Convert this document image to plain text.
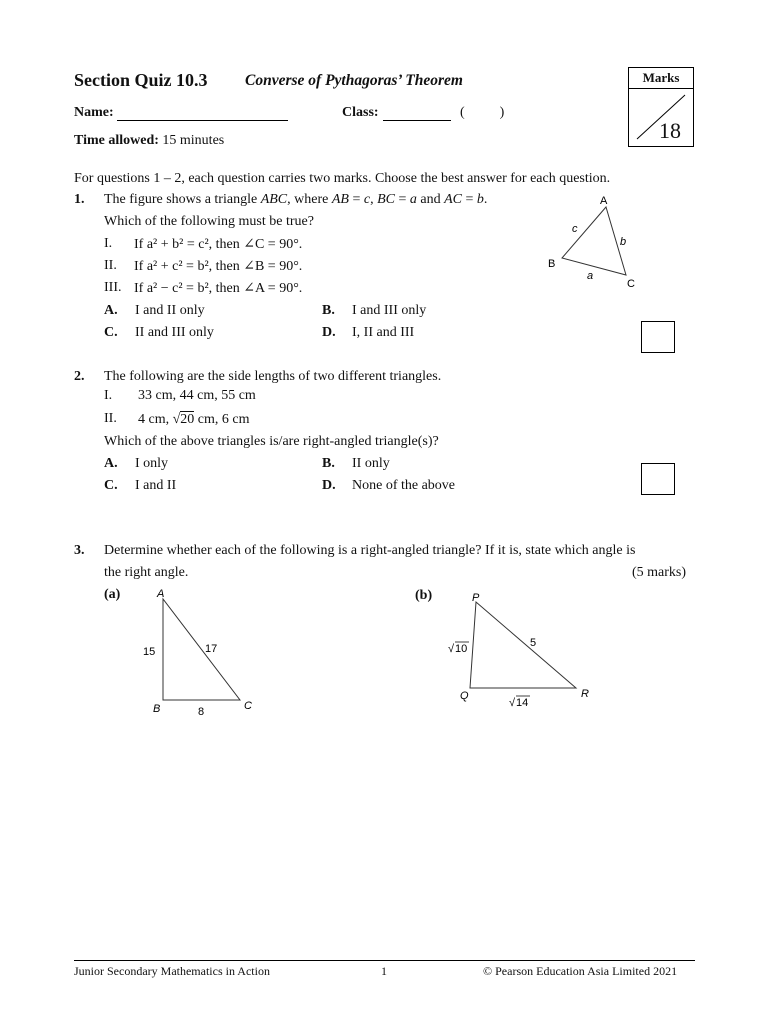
Section Quiz 10.3 Converse of Pythagoras’ Theorem
Name:	Class:	(          )
Time allowed: 15 minutes
Marks
18
For questions 1 – 2, each question carries two marks. Choose the best answer for each question.
1. The figure shows a triangle ABC, where AB = c, BC = a and AC = b.
Which of the following must be true?
I. If a² + b² = c², then ∠C = 90°.
II. If a² + c² = b², then ∠B = 90°.
III. If a² − c² = b², then ∠A = 90°.
A. I and II only	B. I and III only
C. II and III only	D. I, II and III
A
B
C
c
b
a
2. The following are the side lengths of two different triangles.
I. 33 cm, 44 cm, 55 cm
II. 4 cm, √20 cm, 6 cm
Which of the above triangles is/are right-angled triangle(s)?
A. I only	B. II only
C. I and II	D. None of the above
3. Determine whether each of the following is a right-angled triangle? If it is, state which angle is
the right angle.	(5 marks)
(a)	(b)
A
B	C
15	17
8
P
Q	R
√ 10	5
√ 14
Junior Secondary Mathematics in Action	1	© Pearson Education Asia Limited 2021
